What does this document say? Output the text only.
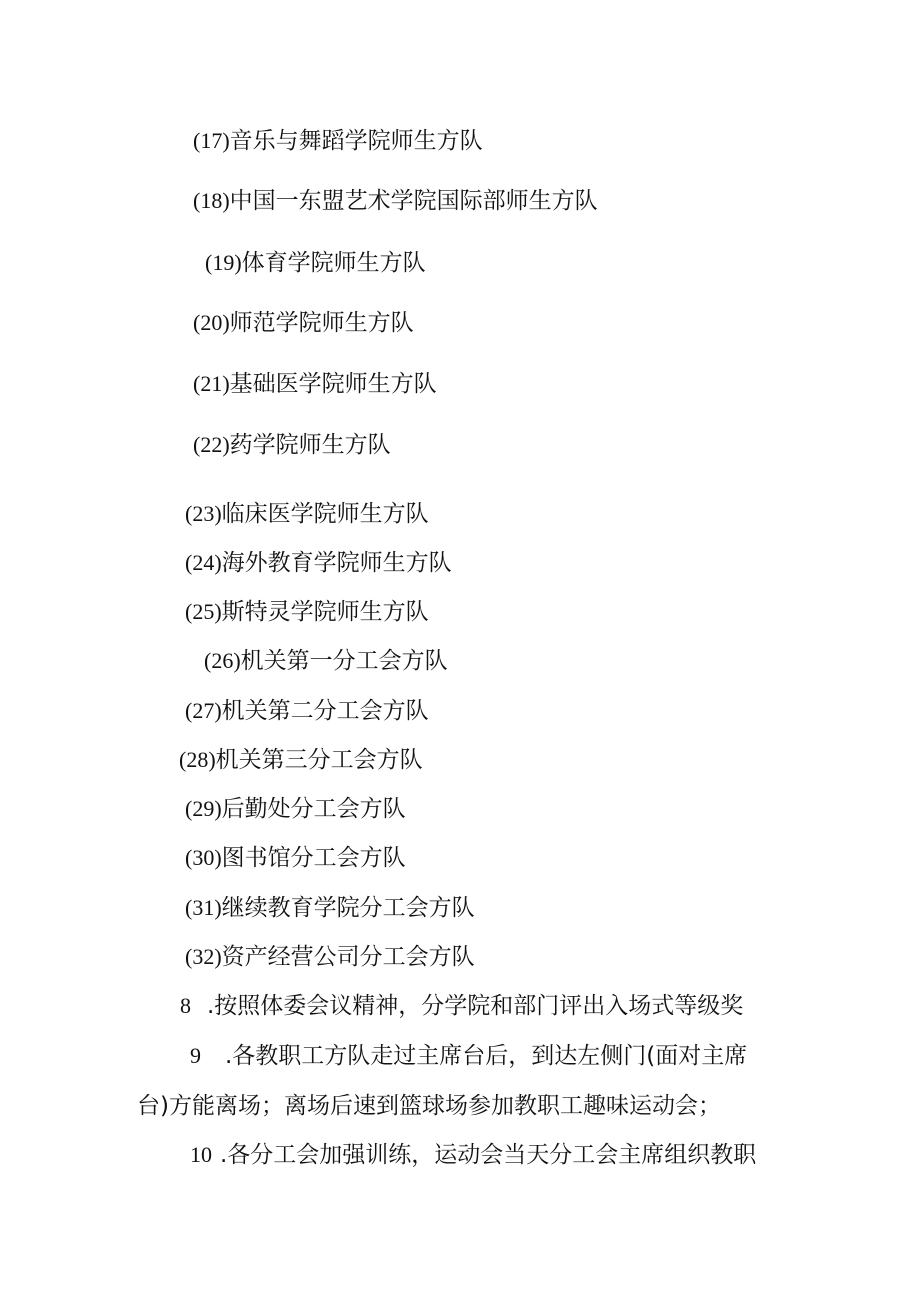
(17)音乐与舞蹈学院师生方队
(18)中国一东盟艺术学院国际部师生方队
(19)体育学院师生方队
(20)师范学院师生方队
(21)基础医学院师生方队
(22)药学院师生方队
(23)临床医学院师生方队
(24)海外教育学院师生方队
(25)斯特灵学院师生方队
(26)机关第一分工会方队
(27)机关第二分工会方队
(28)机关第三分工会方队
(29)后勤处分工会方队
(30)图书馆分工会方队
(31)继续教育学院分工会方队
(32)资产经营公司分工会方队
8 .按照体委会议精神，分学院和部门评出入场式等级奖
9 .各教职工方队走过主席台后，到达左侧门(面对主席
台)方能离场；离场后速到篮球场参加教职工趣味运动会；
10 .各分工会加强训练，运动会当天分工会主席组织教职
